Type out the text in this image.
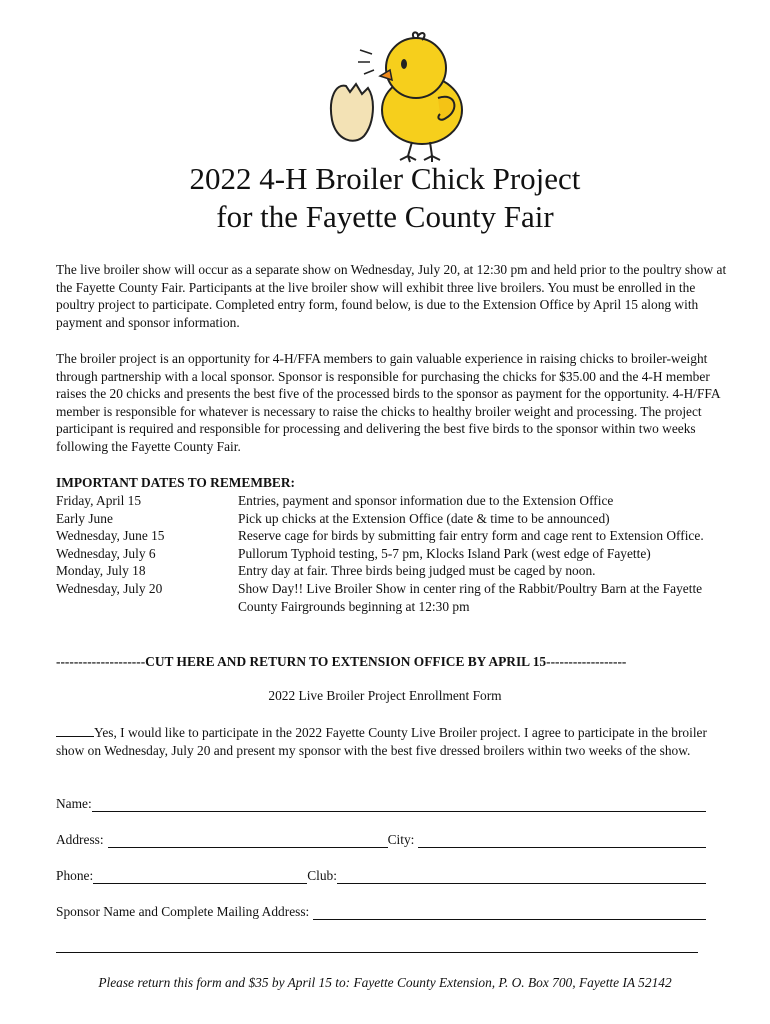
2022 4-H Broiler Chick Project
for the Fayette County Fair
The live broiler show will occur as a separate show on Wednesday, July 20, at 12:30 pm and held prior to the poultry show at the Fayette County Fair. Participants at the live broiler show will exhibit three live broilers. You must be enrolled in the poultry project to participate. Completed entry form, found below, is due to the Extension Office by April 15 along with payment and sponsor information.
The broiler project is an opportunity for 4-H/FFA members to gain valuable experience in raising chicks to broiler-weight through partnership with a local sponsor. Sponsor is responsible for purchasing the chicks for $35.00 and the 4-H member raises the 20 chicks and presents the best five of the processed birds to the sponsor as payment for the opportunity. 4-H/FFA member is responsible for whatever is necessary to raise the chicks to healthy broiler weight and processing. The project participant is required and responsible for processing and delivering the best five birds to the sponsor within two weeks following the Fayette County Fair.
IMPORTANT DATES TO REMEMBER:
Friday, April 15	Entries, payment and sponsor information due to the Extension Office
Early June	Pick up chicks at the Extension Office (date & time to be announced)
Wednesday, June 15	Reserve cage for birds by submitting fair entry form and cage rent to Extension Office.
Wednesday, July 6	Pullorum Typhoid testing, 5-7 pm, Klocks Island Park (west edge of Fayette)
Monday, July 18	Entry day at fair. Three birds being judged must be caged by noon.
Wednesday, July 20	Show Day!! Live Broiler Show in center ring of the Rabbit/Poultry Barn at the Fayette County Fairgrounds beginning at 12:30 pm
--------------------CUT HERE AND RETURN TO EXTENSION OFFICE BY APRIL 15------------------
2022 Live Broiler Project Enrollment Form
Yes, I would like to participate in the 2022 Fayette County Live Broiler project. I agree to participate in the broiler show on Wednesday, July 20 and present my sponsor with the best five dressed broilers within two weeks of the show.
Name:
Address:	City:
Phone:	Club:
Sponsor Name and Complete Mailing Address:
Please return this form and $35 by April 15 to: Fayette County Extension, P. O. Box 700, Fayette IA 52142
